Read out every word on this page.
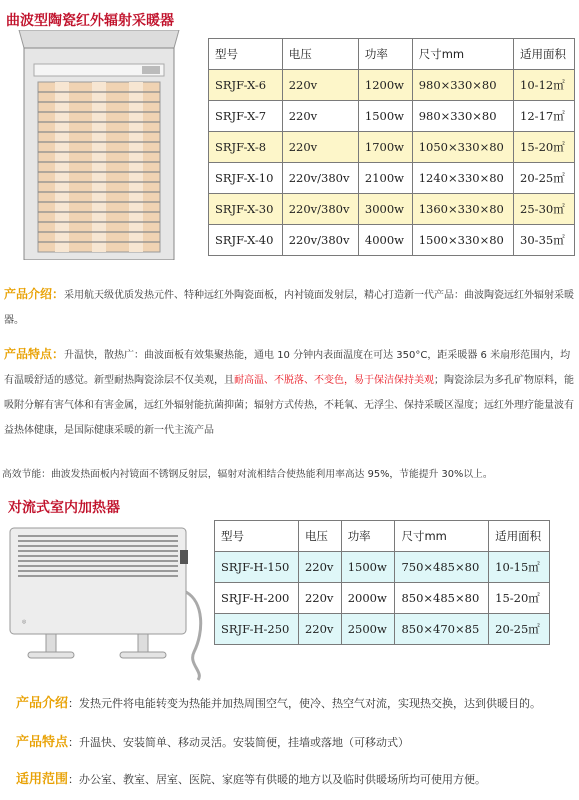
曲波型陶瓷红外辐射采暖器
型号	电压	功率	尺寸mm	适用面积
SRJF-X-6	220v	1200w	980×330×80	10-12㎡
SRJF-X-7	220v	1500w	980×330×80	12-17㎡
SRJF-X-8	220v	1700w	1050×330×80	15-20㎡
SRJF-X-10	220v/380v	2100w	1240×330×80	20-25㎡
SRJF-X-30	220v/380v	3000w	1360×330×80	25-30㎡
SRJF-X-40	220v/380v	4000w	1500×330×80	30-35㎡
产品介绍：采用航天级优质发热元件、特种远红外陶瓷面板，内衬镜面发射层，精心打造新一代产品：曲波陶瓷远红外辐射采暖器。
产品特点：升温快，散热广：曲波面板有效集聚热能，通电 10 分钟内表面温度在可达 350°C，距采暖器 6 米扇形范围内，均有温暖舒适的感觉。新型耐热陶瓷涂层不仅美观，且耐高温、不脱落、不变色，易于保洁保持美观；陶瓷涂层为多孔矿物原料，能吸附分解有害气体和有害金属，远红外辐射能抗菌抑菌；辐射方式传热，不耗氧、无浮尘、保持采暖区湿度；远红外理疗能量波有益热体健康，是国际健康采暖的新一代主流产品
高效节能：曲波发热面板内衬镜面不锈钢反射层，辐射对流相结合使热能利用率高达 95%，节能提升 30%以上。
对流式室内加热器
◎
型号	电压	功率	尺寸mm	适用面积
SRJF-H-150	220v	1500w	750×485×80	10-15㎡
SRJF-H-200	220v	2000w	850×485×80	15-20㎡
SRJF-H-250	220v	2500w	850×470×85	20-25㎡
产品介绍：发热元件将电能转变为热能并加热周围空气，使冷、热空气对流，实现热交换，达到供暖目的。
产品特点：升温快、安装简单、移动灵活。安装简便，挂墙或落地（可移动式）
适用范围：办公室、教室、居室、医院、家庭等有供暖的地方以及临时供暖场所均可使用方便。
